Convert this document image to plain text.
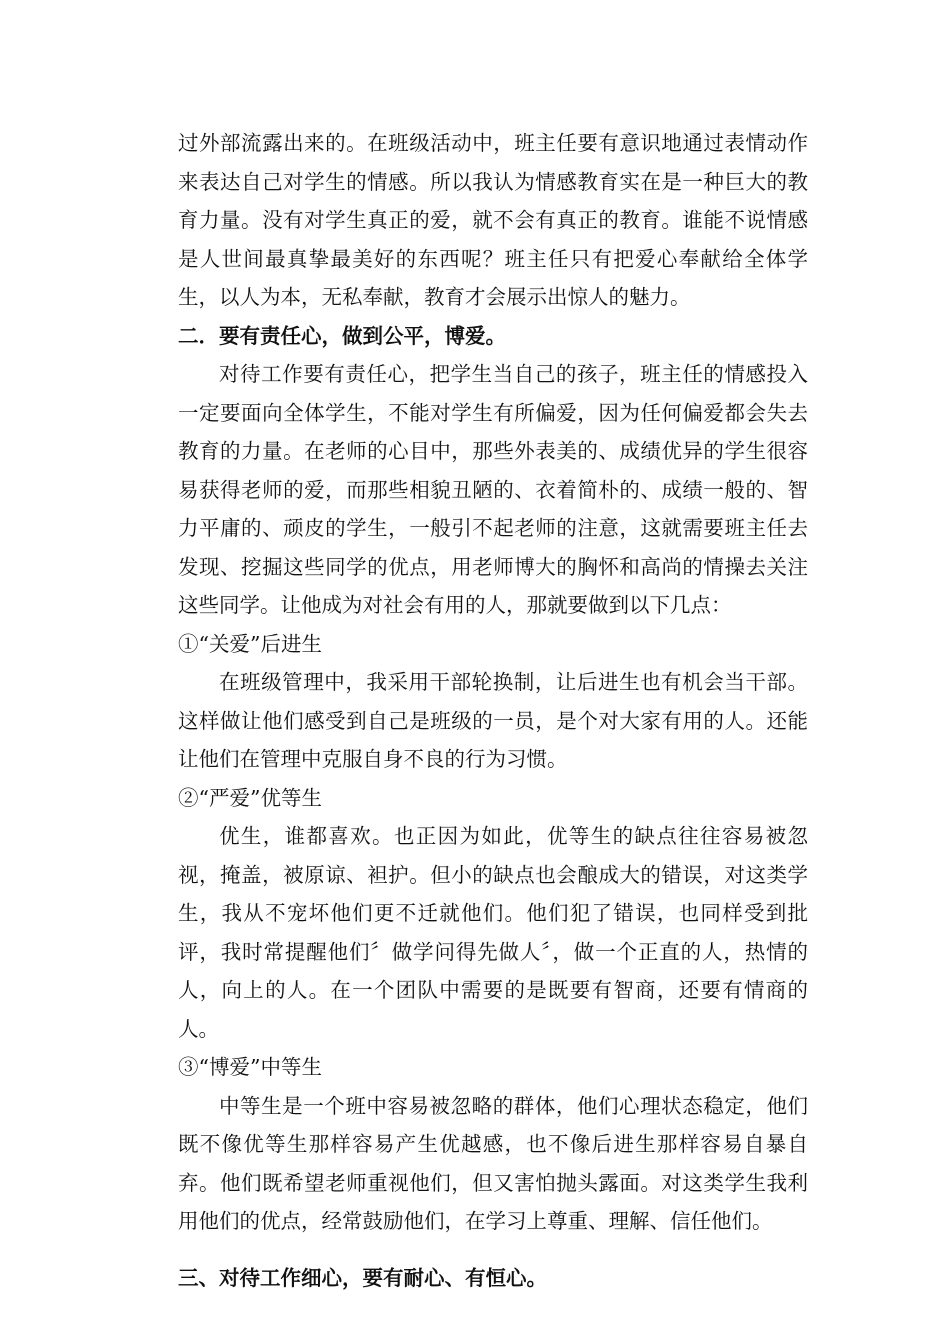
过外部流露出来的。在班级活动中，班主任要有意识地通过表情动作来表达自己对学生的情感。所以我认为情感教育实在是一种巨大的教育力量。没有对学生真正的爱，就不会有真正的教育。谁能不说情感是人世间最真挚最美好的东西呢？班主任只有把爱心奉献给全体学生，以人为本，无私奉献，教育才会展示出惊人的魅力。

二．要有责任心，做到公平，博爱。

对待工作要有责任心，把学生当自己的孩子，班主任的情感投入一定要面向全体学生，不能对学生有所偏爱，因为任何偏爱都会失去教育的力量。在老师的心目中，那些外表美的、成绩优异的学生很容易获得老师的爱，而那些相貌丑陋的、衣着简朴的、成绩一般的、智力平庸的、顽皮的学生，一般引不起老师的注意，这就需要班主任去发现、挖掘这些同学的优点，用老师博大的胸怀和高尚的情操去关注这些同学。让他成为对社会有用的人，那就要做到以下几点：

①“关爱”后进生

在班级管理中，我采用干部轮换制，让后进生也有机会当干部。这样做让他们感受到自己是班级的一员，是个对大家有用的人。还能让他们在管理中克服自身不良的行为习惯。

②“严爱”优等生

优生，谁都喜欢。也正因为如此，优等生的缺点往往容易被忽视，掩盖，被原谅、袒护。但小的缺点也会酿成大的错误，对这类学生，我从不宠坏他们更不迁就他们。他们犯了错误，也同样受到批评，我时常提醒他们〞做学问得先做人〞，做一个正直的人，热情的人，向上的人。在一个团队中需要的是既要有智商，还要有情商的人。

③“博爱”中等生

中等生是一个班中容易被忽略的群体，他们心理状态稳定，他们既不像优等生那样容易产生优越感，也不像后进生那样容易自暴自弃。他们既希望老师重视他们，但又害怕抛头露面。对这类学生我利用他们的优点，经常鼓励他们，在学习上尊重、理解、信任他们。

三、对待工作细心，要有耐心、有恒心。
